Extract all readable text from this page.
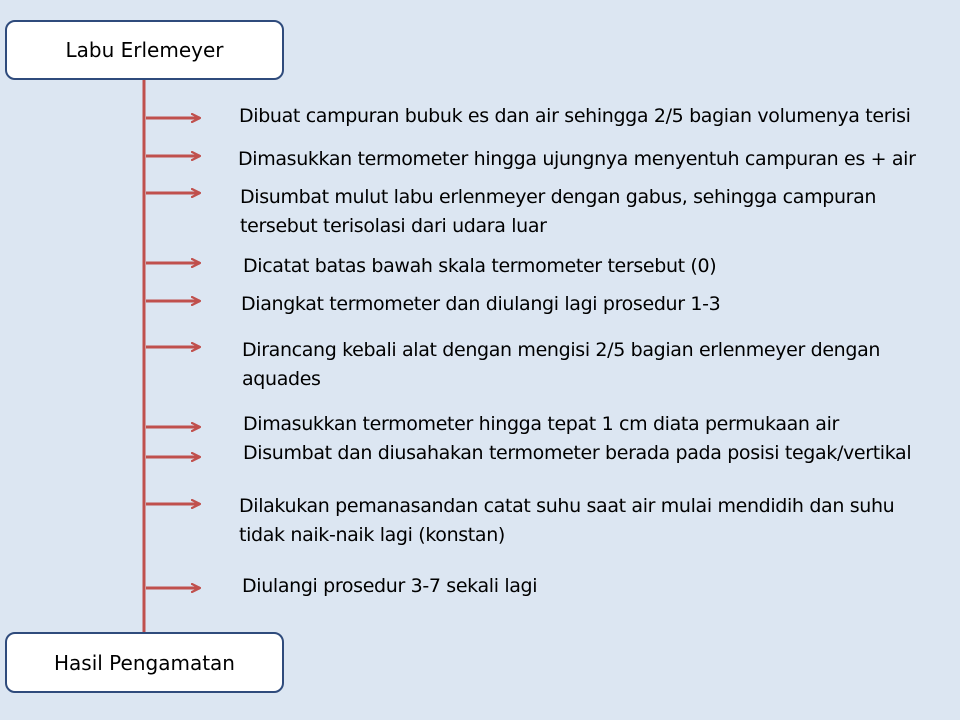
Labu Erlemeyer

Dibuat campuran bubuk es dan air sehingga 2/5 bagian volumenya terisi

Dimasukkan termometer hingga ujungnya menyentuh campuran es + air

Disumbat mulut labu erlenmeyer dengan gabus, sehingga campuran
tersebut terisolasi dari udara luar

Dicatat batas bawah skala termometer tersebut (0)

Diangkat termometer dan diulangi lagi prosedur 1-3

Dirancang kebali alat dengan mengisi 2/5 bagian erlenmeyer dengan
aquades

Dimasukkan termometer hingga tepat 1 cm diata permukaan air

Disumbat dan diusahakan termometer berada pada posisi tegak/vertikal

Dilakukan pemanasandan catat suhu saat air mulai mendidih dan suhu
tidak naik-naik lagi (konstan)

Diulangi prosedur 3-7 sekali lagi

Hasil Pengamatan
